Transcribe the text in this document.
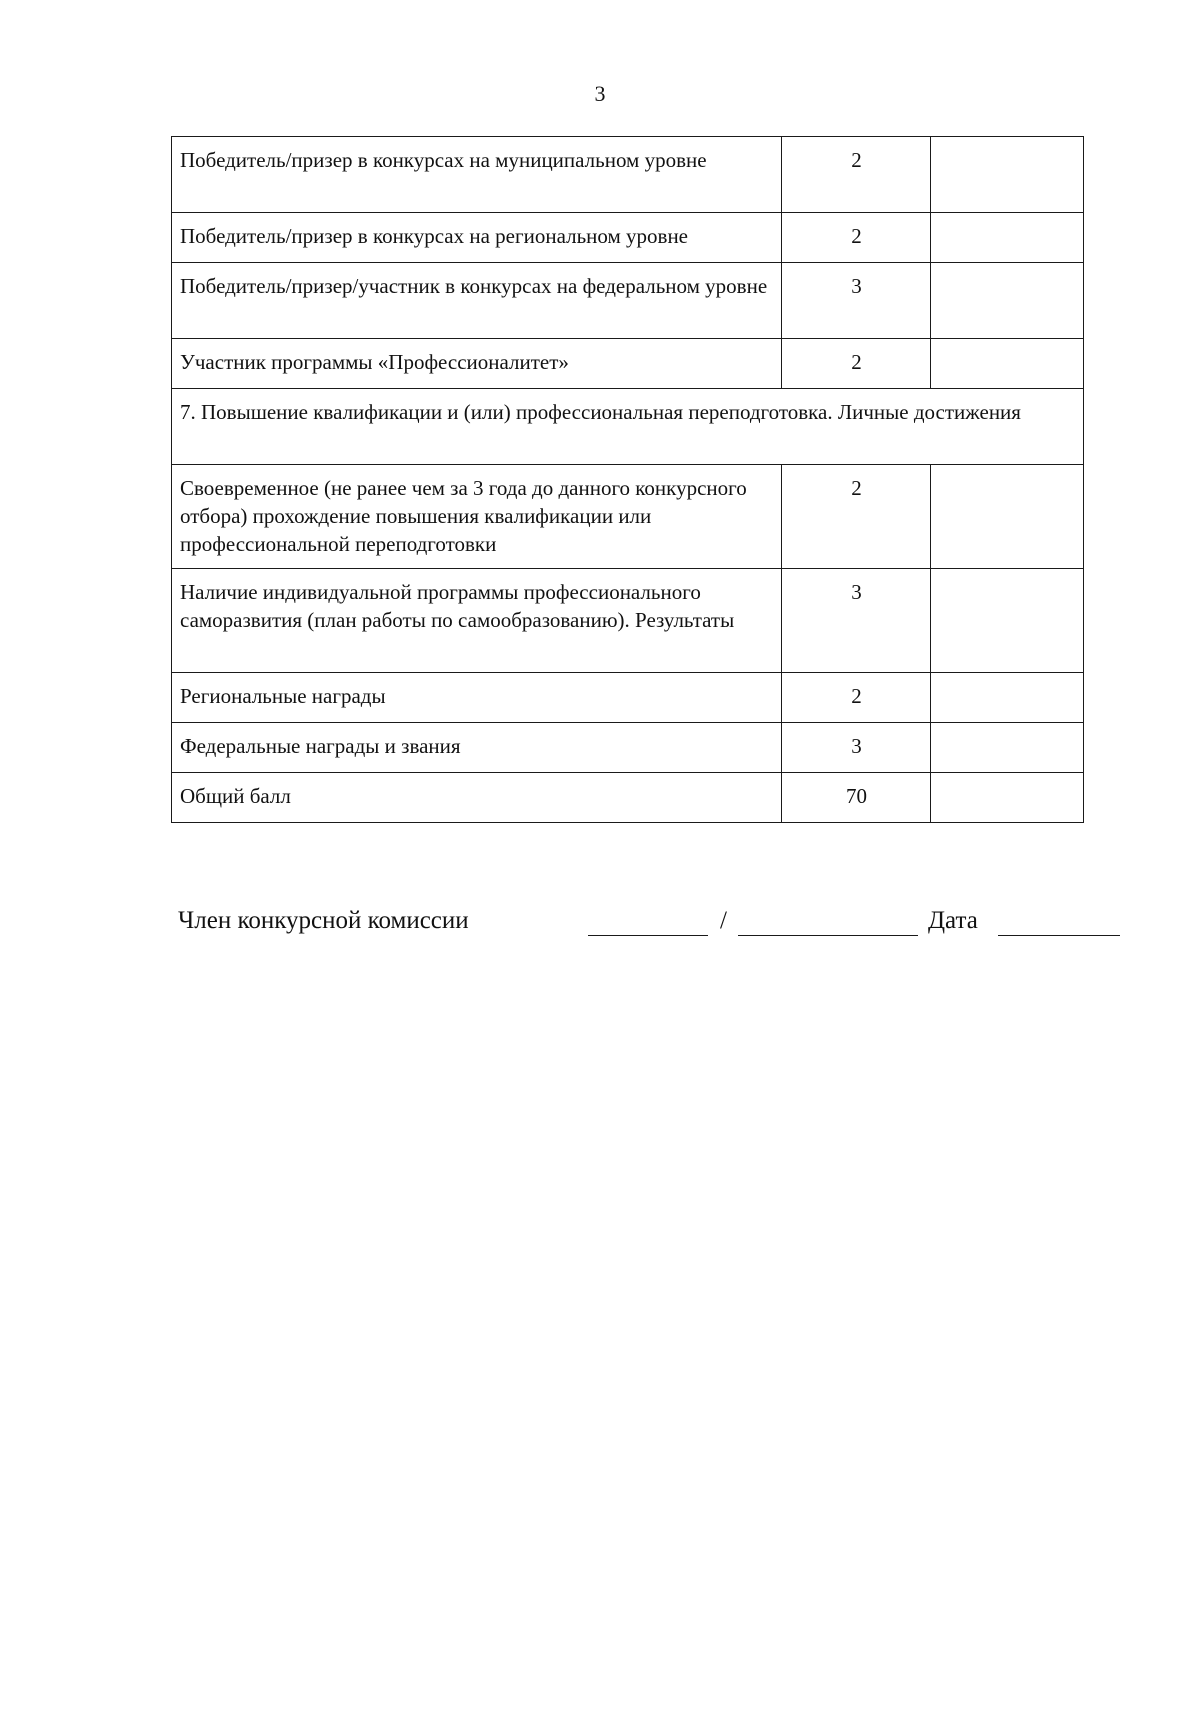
3
Победитель/призер в конкурсах на муниципальном уровне	2	
Победитель/призер в конкурсах на региональном уровне	2	
Победитель/призер/участник в конкурсах на федеральном уровне	3	
Участник программы «Профессионалитет»	2	
7. Повышение квалификации и (или) профессиональная переподготовка. Личные достижения		
Своевременное (не ранее чем за 3 года до данного конкурсного отбора) прохождение повышения квалификации или профессиональной переподготовки	2	
Наличие индивидуальной программы профессионального саморазвития (план работы по самообразованию). Результаты	3	
Региональные награды	2	
Федеральные награды и звания	3	
Общий балл	70	
Член конкурсной комиссии	/	Дата
